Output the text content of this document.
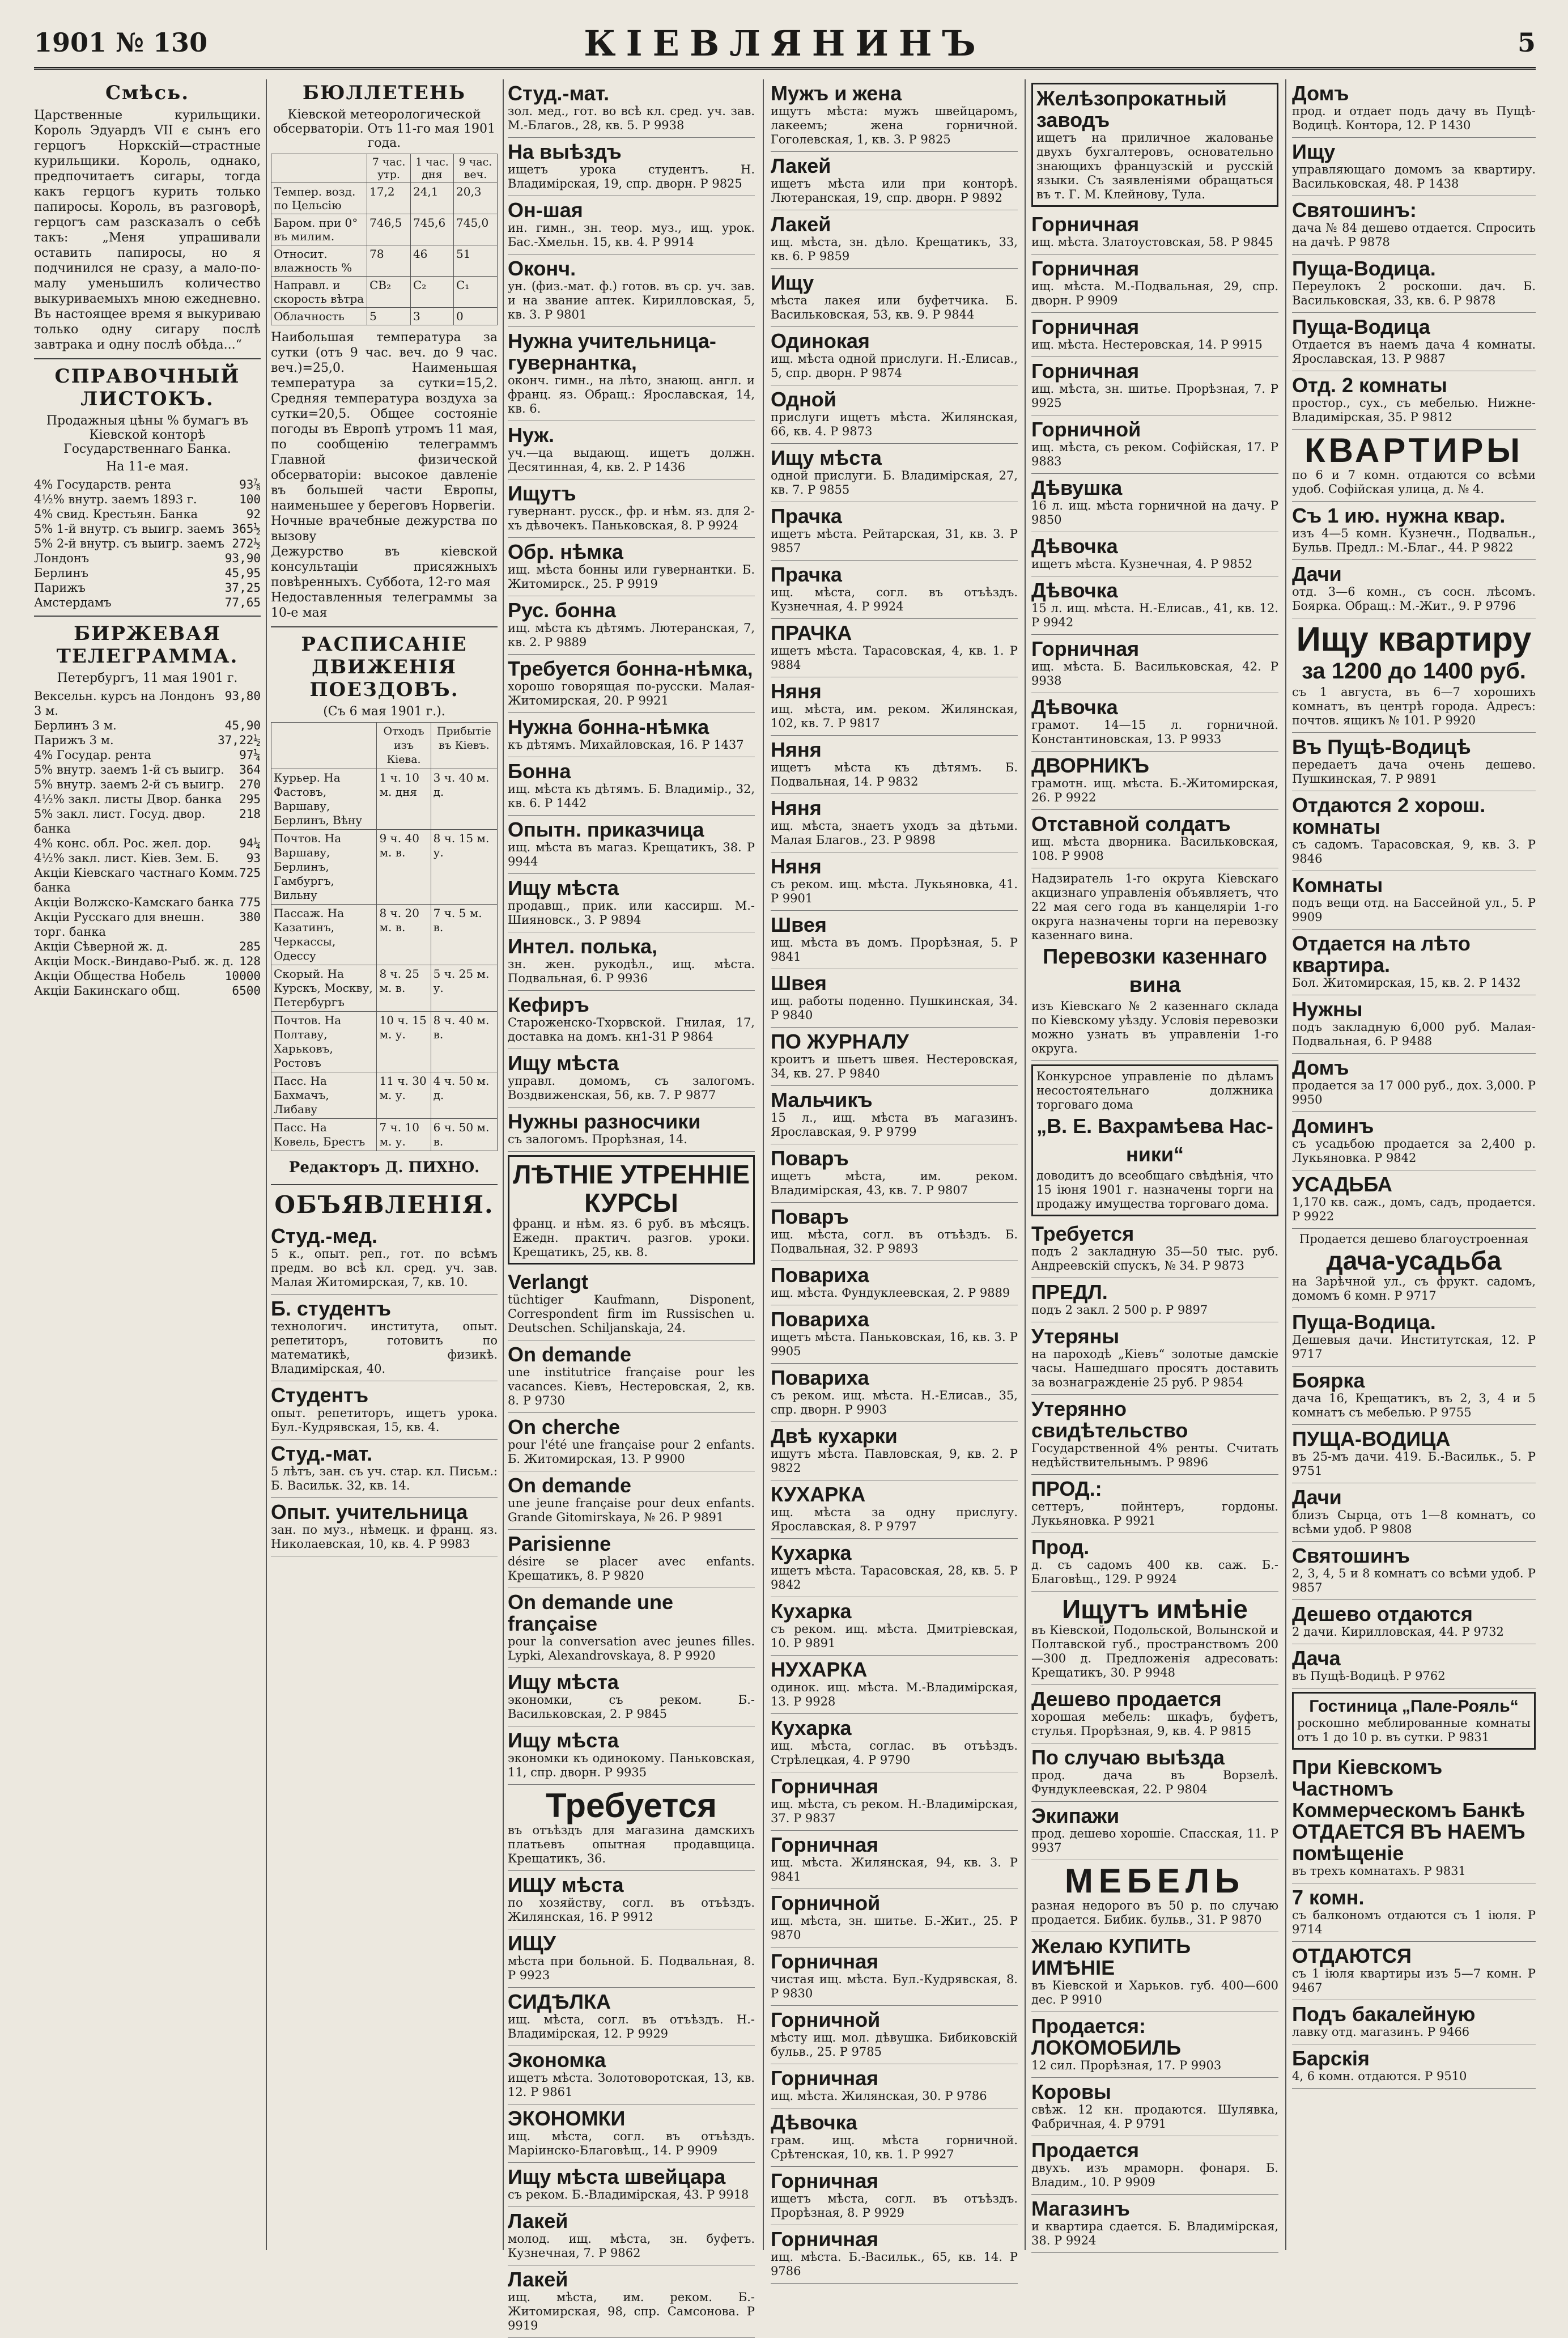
1901 № 130	КІЕВЛЯНИНЪ	5
Смѣсь.

Царственные курильщики. Король Эдуардъ VII є сынъ его герцогъ Норкскій—страстные курильщики. Король, однако, предпочитаетъ сигары, тогда какъ герцогъ курить только папиросы. Король, въ разговорѣ, герцогъ сам разсказалъ о себѣ такъ: „Меня упрашивали оставить папиросы, но я подчинился не сразу, а мало-по-малу уменьшилъ количество выкуриваемыхъ мною ежедневно. Въ настоящее время я выкуриваю только одну сигару послѣ завтрака и одну послѣ обѣда...“

СПРАВОЧНЫЙ ЛИСТОКЪ.
Продажныя цѣны % бумагъ въ Кіевской конторѣ Государственнаго Банка.
На 11-е мая.
4% Государств. рента	93⅞
4½% внутр. заемъ 1893 г.	100
4% свид. Крестьян. Банка	92
5% 1-й внутр. съ выигр. заемъ 365½
5% 2-й внутр. съ выигр. заемъ 272½
Лондонъ	93,90
Берлинъ	45,95
Парижъ	37,25
Амстердамъ	77,65
БИРЖЕВАЯ ТЕЛЕГРАММА.
Петербургъ, 11 мая 1901 г.
Вексельн. курсъ на Лондонъ 3 м.
93,80
Берлинъ 3 м.	45,90
Парижъ 3 м.	37,22½
4% Государ. рента	97¼
5% внутр. заемъ 1-й съ выигр. 364
5% внутр. заемъ 2-й съ выигр. 270
4½% закл. листы Двор. банка 295
5% закл. лист. Госуд. двор. банка
218
4% конс. обл. Рос. жел. дор. 94¼
4½% закл. лист. Кіев. Зем. Б. 93
Акціи Кіевскаго частнаго Комм. банка
725
Акціи Волжско-Камскаго банка 775
Акціи Русскаго для внешн. торг. банка
380
Акціи Сѣверной ж. д.	285
Акціи Моск.-Виндаво-Рыб. ж. д. 128
Акціи Общества Нобель	10000
Акціи Бакинскаго общ.	6500
БЮЛЛЕТЕНЬ
Кіевской метеорологической обсерваторіи. Отъ 11-го мая 1901 года.
	7 час. утр.	1 час. дня	9 час. веч.
Темпер. возд. по Цельсію	17,2	24,1	20,3
Баром. при 0° въ милим.	746,5	745,6	745,0
Относит. влажность %	78	46	51
Направл. и скорость вѣтра	СВ₂	С₂	С₁
Облачность	5	3	0

Наибольшая температура за сутки (отъ 9 час. веч. до 9 час. веч.)=25,0. Наименьшая температура за сутки=15,2. Средняя температура воздуха за сутки=20,5. Общее состояніе погоды въ Европѣ утромъ 11 мая, по сообщенію телеграммъ Главной физической обсерваторіи: высокое давленіе въ большей части Европы, наименьшее у береговъ Норвегіи.

Ночные врачебные дежурства по вызову

Дежурство въ кіевской консультаціи присяжныхъ повѣренныхъ. Суббота, 12-го мая

Недоставленныя телеграммы за 10-е мая

РАСПИСАНІЕ ДВИЖЕНІЯ ПОЕЗДОВЪ.
(Съ 6 мая 1901 г.).
	Отходъ изъ Кіева.	Прибытіе въ Кіевъ.
Курьер. На Фастовъ, Варшаву, Берлинъ, Вѣну	1 ч. 10 м. дня	3 ч. 40 м. д.
Почтов. На Варшаву, Берлинъ, Гамбургъ, Вильну	9 ч. 40 м. в.	8 ч. 15 м. у.
Пассаж. На Казатинъ, Черкассы, Одессу	8 ч. 20 м. в.	7 ч. 5 м. в.
Скорый. На Курскъ, Москву, Петербургъ	8 ч. 25 м. в.	5 ч. 25 м. у.
Почтов. На Полтаву, Харьковъ, Ростовъ	10 ч. 15 м. у.	8 ч. 40 м. в.
Пасс. На Бахмачъ, Либаву	11 ч. 30 м. у.	4 ч. 50 м. д.
Пасс. На Ковель, Брестъ	7 ч. 10 м. у.	6 ч. 50 м. в.
Редакторъ Д. ПИХНО.
ОБЪЯВЛЕНІЯ.
Студ.-мед.
5 к., опыт. реп., гот. по всѣмъ предм. во всѣ кл. сред. уч. зав. Малая Житомирская, 7, кв. 10.
Б. студентъ
технологич. института, опыт. репетиторъ, готовитъ по математикѣ, физикѣ. Владимірская, 40.
Студентъ
опыт. репетиторъ, ищетъ урока. Бул.-Кудрявская, 15, кв. 4.
Студ.-мат.
5 лѣтъ, зан. съ уч. стар. кл. Письм.: Б. Васильк. 32, кв. 14.
Опыт. учительница
зан. по муз., нѣмецк. и франц. яз. Николаевская, 10, кв. 4. Р 9983
Студ.-мат.
зол. мед., гот. во всѣ кл. сред. уч. зав. М.-Благов., 28, кв. 5. Р 9938
На выѣздъ
ищетъ урока студентъ. Н. Владимірская, 19, спр. дворн. Р 9825
Он-шая
ин. гимн., зн. теор. муз., ищ. урок. Бас.-Хмельн. 15, кв. 4. Р 9914
Оконч.
ун. (физ.-мат. ф.) готов. въ ср. уч. зав. и на звание аптек. Кирилловская, 5, кв. 3. Р 9801
Нужна учительница-гувернантка,
оконч. гимн., на лѣто, знающ. англ. и франц. яз. Обращ.: Ярославская, 14, кв. 6.
Нуж.
уч.—ца выдающ. ищетъ должн. Десятинная, 4, кв. 2. Р 1436
Ищутъ
гувернант. русск., фр. и нѣм. яз. для 2-хъ дѣвочекъ. Паньковская, 8. Р 9924
Обр. нѣмка
ищ. мѣста бонны или гувернантки. Б. Житомирск., 25. Р 9919
Рус. бонна
ищ. мѣста къ дѣтямъ. Лютеранская, 7, кв. 2. Р 9889
Требуется бонна-нѣмка,
хорошо говорящая по-русски. Малая-Житомирская, 20. Р 9921
Нужна бонна-нѣмка
къ дѣтямъ. Михайловская, 16. Р 1437
Бонна
ищ. мѣста къ дѣтямъ. Б. Владимір., 32, кв. 6. Р 1442
Опытн. приказчица
ищ. мѣста въ магаз. Крещатикъ, 38. Р 9944
Ищу мѣста
продавщ., прик. или кассирш. М.-Шияновск., 3. Р 9894
Интел. полька,
зн. жен. рукодѣл., ищ. мѣста. Подвальная, 6. Р 9936
Кефиръ
Староженско-Тхорвской. Гнилая, 17, доставка на домъ. кн1-31 Р 9864
Ищу мѣста
управл. домомъ, съ залогомъ. Воздвиженская, 56, кв. 7. Р 9877
Нужны разносчики
съ залогомъ. Прорѣзная, 14.
ЛѢТНІЕ УТРЕННІЕ КУРСЫ
франц. и нѣм. яз. 6 руб. въ мѣсяцъ. Ежедн. практич. разгов. уроки. Крещатикъ, 25, кв. 8.
Verlangt
tüchtiger Kaufmann, Disponent, Correspondent firm im Russischen u. Deutschen. Schiljanskaja, 24.
On demande
une institutrice française pour les vacances. Кіевъ, Нестеровская, 2, кв. 8. Р 9730
On cherche
pour l'été une française pour 2 enfants. Б. Житомирская, 13. Р 9900
On demande
une jeune française pour deux enfants. Grande Gitomirskaya, № 26. Р 9891
Parisienne
désire se placer avec enfants. Крещатикъ, 8. Р 9820
On demande une française
pour la conversation avec jeunes filles. Lypki, Alexandrovskaya, 8. Р 9920
Ищу мѣста
экономки, съ реком. Б.-Васильковская, 2. Р 9845
Ищу мѣста
экономки къ одинокому. Паньковская, 11, спр. дворн. Р 9935
Требуется
въ отъѣздъ для магазина дамскихъ платьевъ опытная продавщица. Крещатикъ, 36.
ИЩУ мѣста
по хозяйству, согл. въ отъѣздъ. Жилянская, 16. Р 9912
ИЩУ
мѣста при больной. Б. Подвальная, 8. Р 9923
СИДѢЛКА
ищ. мѣста, согл. въ отъѣздъ. Н.-Владимірская, 12. Р 9929
Экономка
ищетъ мѣста. Золотоворотская, 13, кв. 12. Р 9861
ЭКОНОМКИ
ищ. мѣста, согл. въ отъѣздъ. Маріинско-Благовѣщ., 14. Р 9909
Ищу мѣста швейцара
съ реком. Б.-Владимірская, 43. Р 9918
Лакей
молод. ищ. мѣста, зн. буфетъ. Кузнечная, 7. Р 9862
Лакей
ищ. мѣста, им. реком. Б.-Житомирская, 98, спр. Самсонова. Р 9919
Мужъ и жена
ищутъ мѣста: мужъ швейцаромъ, лакеемъ; жена горничной. Гоголевская, 1, кв. 3. Р 9825
Лакей
ищетъ мѣста или при конторѣ. Лютеранская, 19, спр. дворн. Р 9892
Лакей
ищ. мѣста, зн. дѣло. Крещатикъ, 33, кв. 6. Р 9859
Ищу
мѣста лакея или буфетчика. Б. Васильковская, 53, кв. 9. Р 9844
Одинокая
ищ. мѣста одной прислуги. Н.-Елисав., 5, спр. дворн. Р 9874
Одной
прислуги ищетъ мѣста. Жилянская, 66, кв. 4. Р 9873
Ищу мѣста
одной прислуги. Б. Владимірская, 27, кв. 7. Р 9855
Прачка
ищетъ мѣста. Рейтарская, 31, кв. 3. Р 9857
Прачка
ищ. мѣста, согл. въ отъѣздъ. Кузнечная, 4. Р 9924
ПРАЧКА
ищетъ мѣста. Тарасовская, 4, кв. 1. Р 9884
Няня
ищ. мѣста, им. реком. Жилянская, 102, кв. 7. Р 9817
Няня
ищетъ мѣста къ дѣтямъ. Б. Подвальная, 14. Р 9832
Няня
ищ. мѣста, знаетъ уходъ за дѣтьми. Малая Благов., 23. Р 9898
Няня
съ реком. ищ. мѣста. Лукьяновка, 41. Р 9901
Швея
ищ. мѣста въ домъ. Прорѣзная, 5. Р 9841
Швея
ищ. работы поденно. Пушкинская, 34. Р 9840
ПО ЖУРНАЛУ
кроитъ и шьетъ швея. Нестеровская, 34, кв. 27. Р 9840
Мальчикъ
15 л., ищ. мѣста въ магазинъ. Ярославская, 9. Р 9799
Поваръ
ищетъ мѣста, им. реком. Владимірская, 43, кв. 7. Р 9807
Поваръ
ищ. мѣста, согл. въ отъѣздъ. Б. Подвальная, 32. Р 9893
Повариха
ищ. мѣста. Фундуклеевская, 2. Р 9889
Повариха
ищетъ мѣста. Паньковская, 16, кв. 3. Р 9905
Повариха
съ реком. ищ. мѣста. Н.-Елисав., 35, спр. дворн. Р 9903
Двѣ кухарки
ищутъ мѣста. Павловская, 9, кв. 2. Р 9822
КУХАРКА
ищ. мѣста за одну прислугу. Ярославская, 8. Р 9797
Кухарка
ищетъ мѣста. Тарасовская, 28, кв. 5. Р 9842
Кухарка
съ реком. ищ. мѣста. Дмитріевская, 10. Р 9891
НУХАРКА
одинок. ищ. мѣста. М.-Владимірская, 13. Р 9928
Кухарка
ищ. мѣста, соглас. въ отъѣздъ. Стрѣлецкая, 4. Р 9790
Горничная
ищ. мѣста, съ реком. Н.-Владимірская, 37. Р 9837
Горничная
ищ. мѣста. Жилянская, 94, кв. 3. Р 9841
Горничной
ищ. мѣста, зн. шитье. Б.-Жит., 25. Р 9870
Горничная
чистая ищ. мѣста. Бул.-Кудрявская, 8. Р 9830
Горничной
мѣсту ищ. мол. дѣвушка. Бибиковскій бульв., 25. Р 9785
Горничная
ищ. мѣста. Жилянская, 30. Р 9786
Дѣвочка
грам. ищ. мѣста горничной. Срѣтенская, 10, кв. 1. Р 9927
Горничная
ищетъ мѣста, согл. въ отъѣздъ. Прорѣзная, 8. Р 9929
Горничная
ищ. мѣста. Б.-Васильк., 65, кв. 14. Р 9786
Желѣзопрокатный заводъ
ищетъ на приличное жалованье двухъ бухгалтеровъ, основательно знающихъ французскій и русскій языки. Съ заявленіями обращаться въ т. Г. М. Клейнову, Тула.
Горничная
ищ. мѣста. Златоустовская, 58. Р 9845
Горничная
ищ. мѣста. М.-Подвальная, 29, спр. дворн. Р 9909
Горничная
ищ. мѣста. Нестеровская, 14. Р 9915
Горничная
ищ. мѣста, зн. шитье. Прорѣзная, 7. Р 9925
Горничной
ищ. мѣста, съ реком. Софійская, 17. Р 9883
Дѣвушка
16 л. ищ. мѣста горничной на дачу. Р 9850
Дѣвочка
ищетъ мѣста. Кузнечная, 4. Р 9852
Дѣвочка
15 л. ищ. мѣста. Н.-Елисав., 41, кв. 12. Р 9942
Горничная
ищ. мѣста. Б. Васильковская, 42. Р 9938
Дѣвочка
грамот. 14—15 л. горничной. Константиновская, 13. Р 9933
ДВОРНИКЪ
грамотн. ищ. мѣста. Б.-Житомирская, 26. Р 9922
Отставной солдатъ
ищ. мѣста дворника. Васильковская, 108. Р 9908
Надзиратель 1-го округа Кіевскаго акцизнаго управленія объявляетъ, что 22 мая сего года въ канцеляріи 1-го округа назначены торги на перевозку казеннаго вина.
Перевозки казеннаго вина
изъ Кіевскаго № 2 казеннаго склада по Кіевскому уѣзду. Условія перевозки можно узнать въ управленіи 1-го округа.
Конкурсное управленіе по дѣламъ несостоятельнаго должника торговаго дома
„В. Е. Вахрамѣева Нас-ники“
доводитъ до всеобщаго свѣдѣнія, что 15 іюня 1901 г. назначены торги на продажу имущества торговаго дома.
Требуется
подъ 2 закладную 35—50 тыс. руб. Андреевскій спускъ, № 34. Р 9873
ПРЕДЛ.
подъ 2 закл. 2 500 р. Р 9897
Утеряны
на пароходѣ „Кіевъ“ золотые дамскіе часы. Нашедшаго просятъ доставить за вознагражденіе 25 руб. Р 9854
Утерянно свидѣтельство
Государственной 4% ренты. Считать недѣйствительнымъ. Р 9896
ПРОД.:
сеттеръ, пойнтеръ, гордоны. Лукьяновка. Р 9921
Прод.
д. съ садомъ 400 кв. саж. Б.-Благовѣщ., 129. Р 9924
Ищутъ имѣніе
въ Кіевской, Подольской, Волынской и Полтавской губ., пространствомъ 200—300 д. Предложенія адресовать: Крещатикъ, 30. Р 9948
Дешево продается
хорошая мебель: шкафъ, буфетъ, стулья. Прорѣзная, 9, кв. 4. Р 9815
По случаю выѣзда
прод. дача въ Ворзелѣ. Фундуклеевская, 22. Р 9804
Экипажи
прод. дешево хорошіе. Спасская, 11. Р 9937
МЕБЕЛЬ
разная недорого въ 50 р. по случаю продается. Бибик. бульв., 31. Р 9870
Желаю КУПИТЬ ИМѢНІЕ
въ Кіевской и Харьков. губ. 400—600 дес. Р 9910
Продается: ЛОКОМОБИЛЬ
12 сил. Прорѣзная, 17. Р 9903
Коровы
свѣж. 12 кн. продаются. Шулявка, Фабричная, 4. Р 9791
Продается
двухъ. изъ мраморн. фонаря. Б. Владим., 10. Р 9909
Магазинъ
и квартира сдается. Б. Владимірская, 38. Р 9924
Домъ
прод. и отдает подъ дачу въ Пущѣ-Водицѣ. Контора, 12. Р 1430
Ищу
управляющаго домомъ за квартиру. Васильковская, 48. Р 1438
Святошинъ:
дача № 84 дешево отдается. Спросить на дачѣ. Р 9878
Пуща-Водица.
Переулокъ 2 роскоши. дач. Б. Васильковская, 33, кв. 6. Р 9878
Пуща-Водица
Отдается въ наемъ дача 4 комнаты. Ярославская, 13. Р 9887
Отд. 2 комнаты
простор., сух., съ мебелью. Нижне-Владимірская, 35. Р 9812
КВАРТИРЫ
по 6 и 7 комн. отдаются со всѣми удоб. Софійская улица, д. № 4.
Съ 1 ию. нужна квар.
изъ 4—5 комн. Кузнечн., Подвальн., Бульв. Предл.: М.-Благ., 44. Р 9822
Дачи
отд. 3—6 комн., съ сосн. лѣсомъ. Боярка. Обращ.: М.-Жит., 9. Р 9796
Ищу квартиру
за 1200 до 1400 руб.
съ 1 августа, въ 6—7 хорошихъ комнатъ, въ центрѣ города. Адресъ: почтов. ящикъ № 101. Р 9920
Въ Пущѣ-Водицѣ
передаетъ дача очень дешево. Пушкинская, 7. Р 9891
Отдаются 2 хорош. комнаты
съ садомъ. Тарасовская, 9, кв. 3. Р 9846
Комнаты
подъ вещи отд. на Бассейной ул., 5. Р 9909
Отдается на лѣто квартира.
Бол. Житомирская, 15, кв. 2. Р 1432
Нужны
подъ закладную 6,000 руб. Малая-Подвальная, 6. Р 9488
Домъ
продается за 17 000 руб., дох. 3,000. Р 9950
Доминъ
съ усадьбою продается за 2,400 р. Лукьяновка. Р 9842
УСАДЬБА
1,170 кв. саж., домъ, садъ, продается. Р 9922
Продается дешево благоустроенная
дача-усадьба
на Зарѣчной ул., съ фрукт. садомъ, домомъ 6 комн. Р 9717
Пуща-Водица.
Дешевыя дачи. Институтская, 12. Р 9717
Боярка
дача 16, Крещатикъ, въ 2, 3, 4 и 5 комнатъ съ мебелью. Р 9755
ПУЩА-ВОДИЦА
въ 25-мъ дачи. 419. Б.-Васильк., 5. Р 9751
Дачи
близъ Сырца, отъ 1—8 комнатъ, со всѣми удоб. Р 9808
Святошинъ
2, 3, 4, 5 и 8 комнатъ со всѣми удоб. Р 9857
Дешево отдаются
2 дачи. Кирилловская, 44. Р 9732
Дача
въ Пущѣ-Водицѣ. Р 9762
Гостиница „Пале-Рояль“
роскошно меблированные комнаты отъ 1 до 10 р. въ сутки. Р 9831
При Кіевскомъ Частномъ Коммерческомъ Банкѣ ОТДАЕТСЯ ВЪ НАЕМЪ помѣщеніе
въ трехъ комнатахъ. Р 9831
7 комн.
съ балкономъ отдаются съ 1 іюля. Р 9714
ОТДАЮТСЯ
съ 1 іюля квартиры изъ 5—7 комн. Р 9467
Подъ бакалейную
лавку отд. магазинъ. Р 9466
Барскія
4, 6 комн. отдаются. Р 9510
